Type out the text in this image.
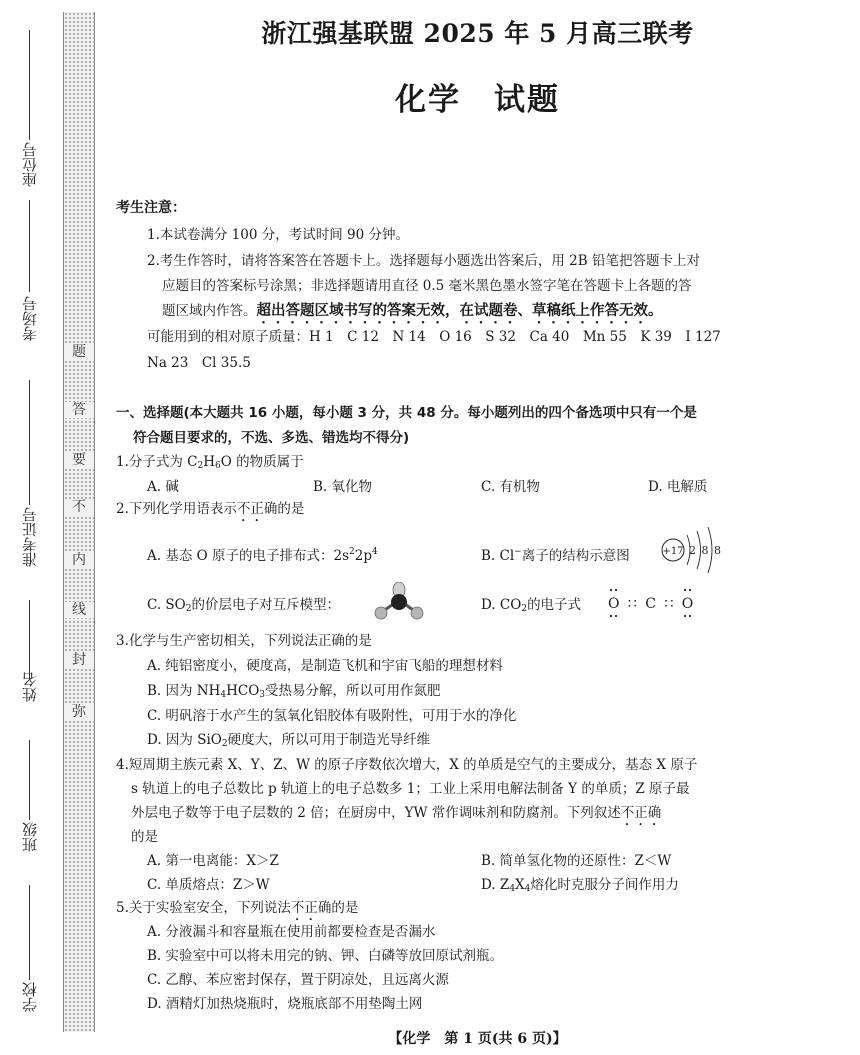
题
答
要
不
内
线
封
弥
座位号
考场号
准考证号
姓名
班级
学校
浙江强基联盟 2025 年 5 月高三联考
化学　试题
考生注意：
1.本试卷满分 100 分，考试时间 90 分钟。
2.考生作答时，请将答案答在答题卡上。选择题每小题选出答案后，用 2B 铅笔把答题卡上对
应题目的答案标号涂黑；非选择题请用直径 0.5 毫米黑色墨水签字笔在答题卡上各题的答
题区域内作答。超出答题区域书写的答案无效，在试题卷、草稿纸上作答无效。
可能用到的相对原子质量：H 1　C 12　N 14　O 16　S 32　Ca 40　Mn 55　K 39　I 127
Na 23　Cl 35.5
一、选择题(本大题共 16 小题，每小题 3 分，共 48 分。每小题列出的四个备选项中只有一个是
符合题目要求的，不选、多选、错选均不得分)
1.分子式为 $C_2H_6O$ 的物质属于
A. 碱	B. 氧化物	C. 有机物	D. 电解质
2.下列化学用语表示不正确的是
A. 基态 O 原子的电子排布式：$2s^22p^4$	B. Cl−离子的结构示意图	+17 2 8 8
C. $SO_2$的价层电子对互斥模型：	D. $CO_2$的电子式 O ∷ C ∷ O
3.化学与生产密切相关，下列说法正确的是
A. 纯铝密度小，硬度高，是制造飞机和宇宙飞船的理想材料
B. 因为 $NH_4HCO_3$受热易分解，所以可用作氮肥
C. 明矾溶于水产生的氢氧化铝胶体有吸附性，可用于水的净化
D. 因为 SiO$_2$硬度大，所以可用于制造光导纤维
4.短周期主族元素 X、Y、Z、W 的原子序数依次增大，X 的单质是空气的主要成分，基态 X 原子
s 轨道上的电子总数比 p 轨道上的电子总数多 1；工业上采用电解法制备 Y 的单质；Z 原子最
外层电子数等于电子层数的 2 倍；在厨房中，YW 常作调味剂和防腐剂。下列叙述不正确
的是
A. 第一电离能：X＞Z	B. 简单氢化物的还原性：Z＜W
C. 单质熔点：Z＞W	D. $Z_4X_4$熔化时克服分子间作用力
5.关于实验室安全，下列说法不正确的是
A. 分液漏斗和容量瓶在使用前都要检查是否漏水
B. 实验室中可以将未用完的钠、钾、白磷等放回原试剂瓶。
C. 乙醇、苯应密封保存，置于阴凉处，且远离火源
D. 酒精灯加热烧瓶时，烧瓶底部不用垫陶土网
【化学　第 1 页(共 6 页)】
